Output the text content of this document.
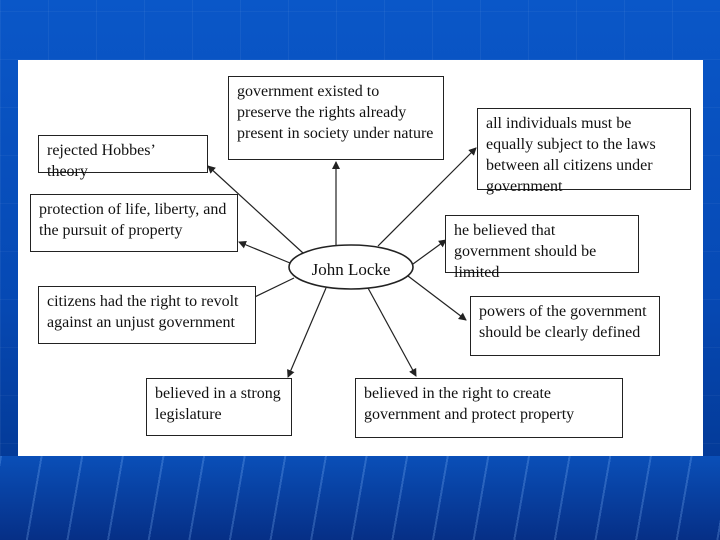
John Locke
government existed to preserve the rights already present in society under nature
rejected Hobbes’ theory
protection of life, liberty, and the pursuit of property
citizens had the right to revolt against an unjust government
believed in a strong legislature
all individuals must be equally subject to the laws between all citizens under government
he believed that government should be limited
powers of the government should be clearly defined
believed in the right to create government and protect property
